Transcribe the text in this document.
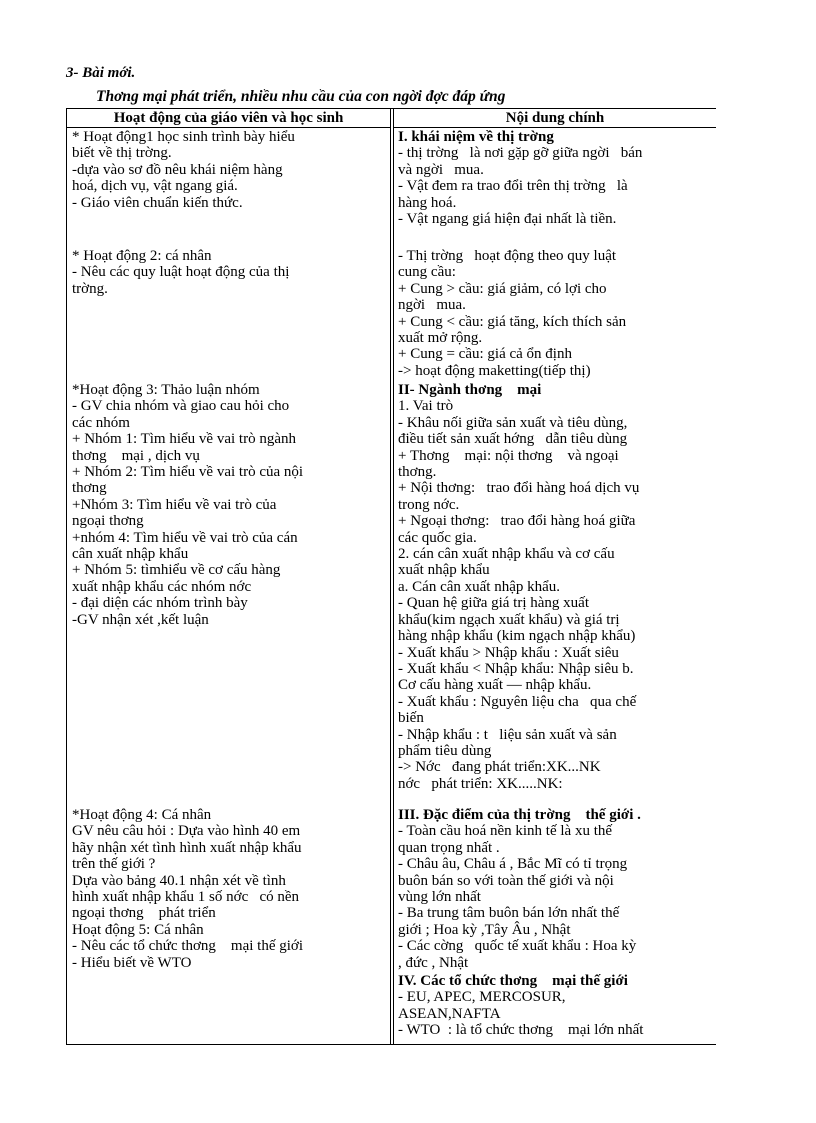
3- Bài mới.
Thơng mại phát triển, nhiều nhu cầu của con ngời đợc đáp ứng
Hoạt động của giáo viên và học sinh	Nội dung chính

* Hoạt động1 học sinh trình bày hiểu

biết về thị trờng.

-dựa vào sơ đồ nêu khái niệm hàng

hoá, dịch vụ, vật ngang giá.

- Giáo viên chuẩn kiến thức.

* Hoạt động 2: cá nhân

- Nêu các quy luật hoạt động của thị

trờng.

*Hoạt động 3: Thảo luận nhóm

- GV chia nhóm và giao cau hỏi cho

các nhóm

+ Nhóm 1: Tìm hiểu về vai trò ngành

thơng    mại , dịch vụ

+ Nhóm 2: Tìm hiểu về vai trò của nội

thơng

+Nhóm 3: Tìm hiểu về vai trò của

ngoại thơng

+nhóm 4: Tìm hiểu về vai trò của cán

cân xuất nhập khẩu

+ Nhóm 5: tìmhiểu về cơ cấu hàng

xuất nhập khẩu các nhóm nớc

- đại diện các nhóm trình bày

-GV nhận xét ,kết luận

*Hoạt động 4: Cá nhân

GV nêu câu hỏi : Dựa vào hình 40 em

hãy nhận xét tình hình xuất nhập khẩu

trên thế giới ?

Dựa vào bảng 40.1 nhận xét về tình

hình xuất nhập khẩu 1 số nớc   có nền

ngoại thơng    phát triển

Hoạt động 5: Cá nhân

- Nêu các tổ chức thơng    mại thế giới

- Hiểu biết về WTO

I. khái niệm về thị trờng

- thị trờng   là nơi gặp gỡ giữa ngời   bán

và ngời   mua.

- Vật đem ra trao đổi trên thị trờng   là

hàng hoá.

- Vật ngang giá hiện đại nhất là tiền.

- Thị trờng   hoạt động theo quy luật

cung cầu:

+ Cung > cầu: giá giảm, có lợi cho

ngời   mua.

+ Cung < cầu: giá tăng, kích thích sản

xuất mở rộng.

+ Cung = cầu: giá cả ổn định

-> hoạt động maketting(tiếp thị)

II- Ngành thơng    mại

1. Vai trò

- Khâu nối giữa sản xuất và tiêu dùng,

điều tiết sản xuất hớng   dẫn tiêu dùng

+ Thơng    mại: nội thơng    và ngoại

thơng.

+ Nội thơng:   trao đổi hàng hoá dịch vụ

trong nớc.

+ Ngoại thơng:   trao đổi hàng hoá giữa

các quốc gia.

2. cán cân xuất nhập khẩu và cơ cấu

xuất nhập khẩu

a. Cán cân xuất nhập khẩu.

- Quan hệ giữa giá trị hàng xuất

khẩu(kim ngạch xuất khẩu) và giá trị

hàng nhập khẩu (kim ngạch nhập khẩu)

- Xuất khẩu > Nhập khẩu : Xuất siêu

- Xuất khẩu < Nhập khẩu: Nhập siêu b.

Cơ cấu hàng xuất — nhập khẩu.

- Xuất khẩu : Nguyên liệu cha   qua chế

biến

- Nhập khẩu : t   liệu sản xuất và sản

phẩm tiêu dùng

-> Nớc   đang phát triển:XK...NK

nớc   phát triển: XK.....NK:

III. Đặc điểm của thị trờng    thế giới .

- Toàn cầu hoá nền kinh tế là xu thế

quan trọng nhất .

- Châu âu, Châu á , Bắc Mĩ có tỉ trọng

buôn bán so với toàn thế giới và nội

vùng lớn nhất

- Ba trung tâm buôn bán lớn nhất thế

giới ; Hoa kỳ ,Tây Âu , Nhật

- Các cờng   quốc tế xuất khẩu : Hoa kỳ

, đức , Nhật

IV. Các tổ chức thơng    mại thế giới

- EU, APEC, MERCOSUR,

ASEAN,NAFTA

- WTO  : là tổ chức thơng    mại lớn nhất
